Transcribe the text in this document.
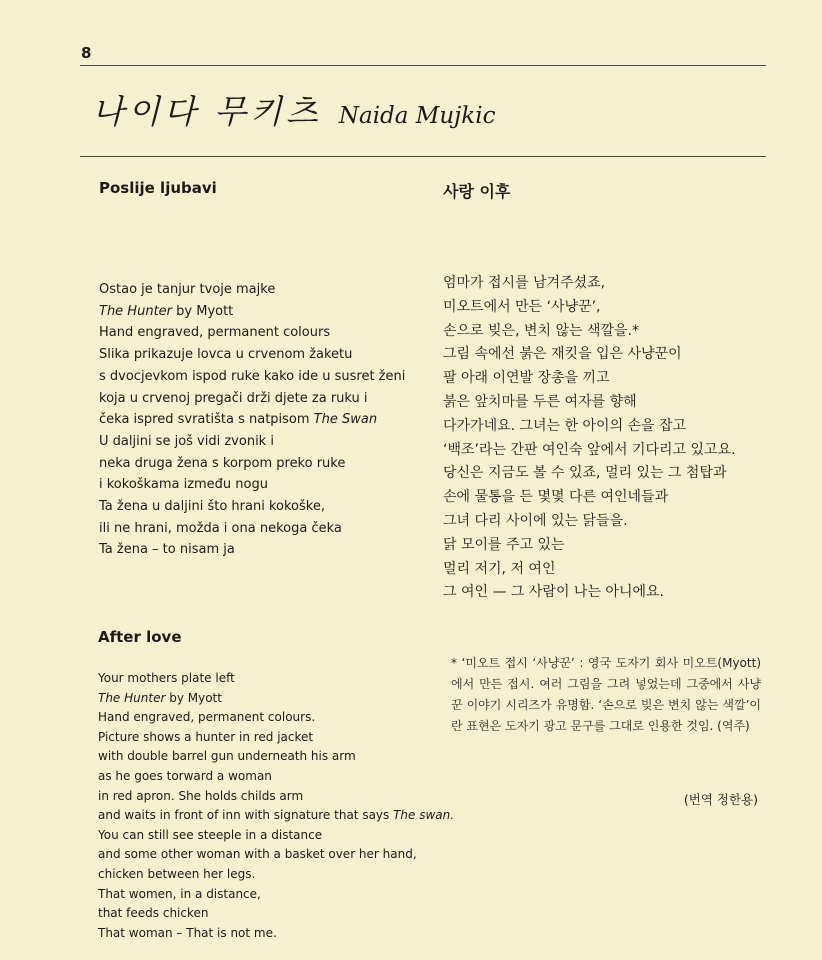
8
나이다 무키츠 Naida Mujkic
Poslije ljubavi
Ostao je tanjur tvoje majke
The Hunter by Myott
Hand engraved, permanent colours
Slika prikazuje lovca u crvenom žaketu
s dvocjevkom ispod ruke kako ide u susret ženi
koja u crvenoj pregači drži djete za ruku i
čeka ispred svratišta s natpisom The Swan
U daljini se još vidi zvonik i
neka druga žena s korpom preko ruke
i kokoškama između nogu
Ta žena u daljini što hrani kokoške,
ili ne hrani, možda i ona nekoga čeka
Ta žena – to nisam ja
After love
Your mothers plate left
The Hunter by Myott
Hand engraved, permanent colours.
Picture shows a hunter in red jacket
with double barrel gun underneath his arm
as he goes torward a woman
in red apron. She holds childs arm
and waits in front of inn with signature that says The swan.
You can still see steeple in a distance
and some other woman with a basket over her hand,
chicken between her legs.
That women, in a distance,
that feeds chicken
That woman – That is not me.
사랑 이후
엄마가 접시를 남겨주셨죠,
미오트에서 만든 ‘사냥꾼’,
손으로 빚은, 변치 않는 색깔을.*
그림 속에선 붉은 재킷을 입은 사냥꾼이
팔 아래 이연발 장총을 끼고
붉은 앞치마를 두른 여자를 향해
다가가네요. 그녀는 한 아이의 손을 잡고
‘백조’라는 간판 여인숙 앞에서 기다리고 있고요.
당신은 지금도 볼 수 있죠, 멀리 있는 그 첨탑과
손에 물통을 든 몇몇 다른 여인네들과
그녀 다리 사이에 있는 닭들을.
닭 모이를 주고 있는
멀리 저기, 저 여인
그 여인 — 그 사람이 나는 아니에요.
* ‘미오트 접시 ‘사냥꾼’ : 영국 도자기 회사 미오트(Myott)에서 만든 접시. 여러 그림을 그려 넣었는데 그중에서 사냥꾼 이야기 시리즈가 유명함. ‘손으로 빚은 변치 않는 색깔’이란 표현은 도자기 광고 문구를 그대로 인용한 것임. (역주)
(번역 정한용)
